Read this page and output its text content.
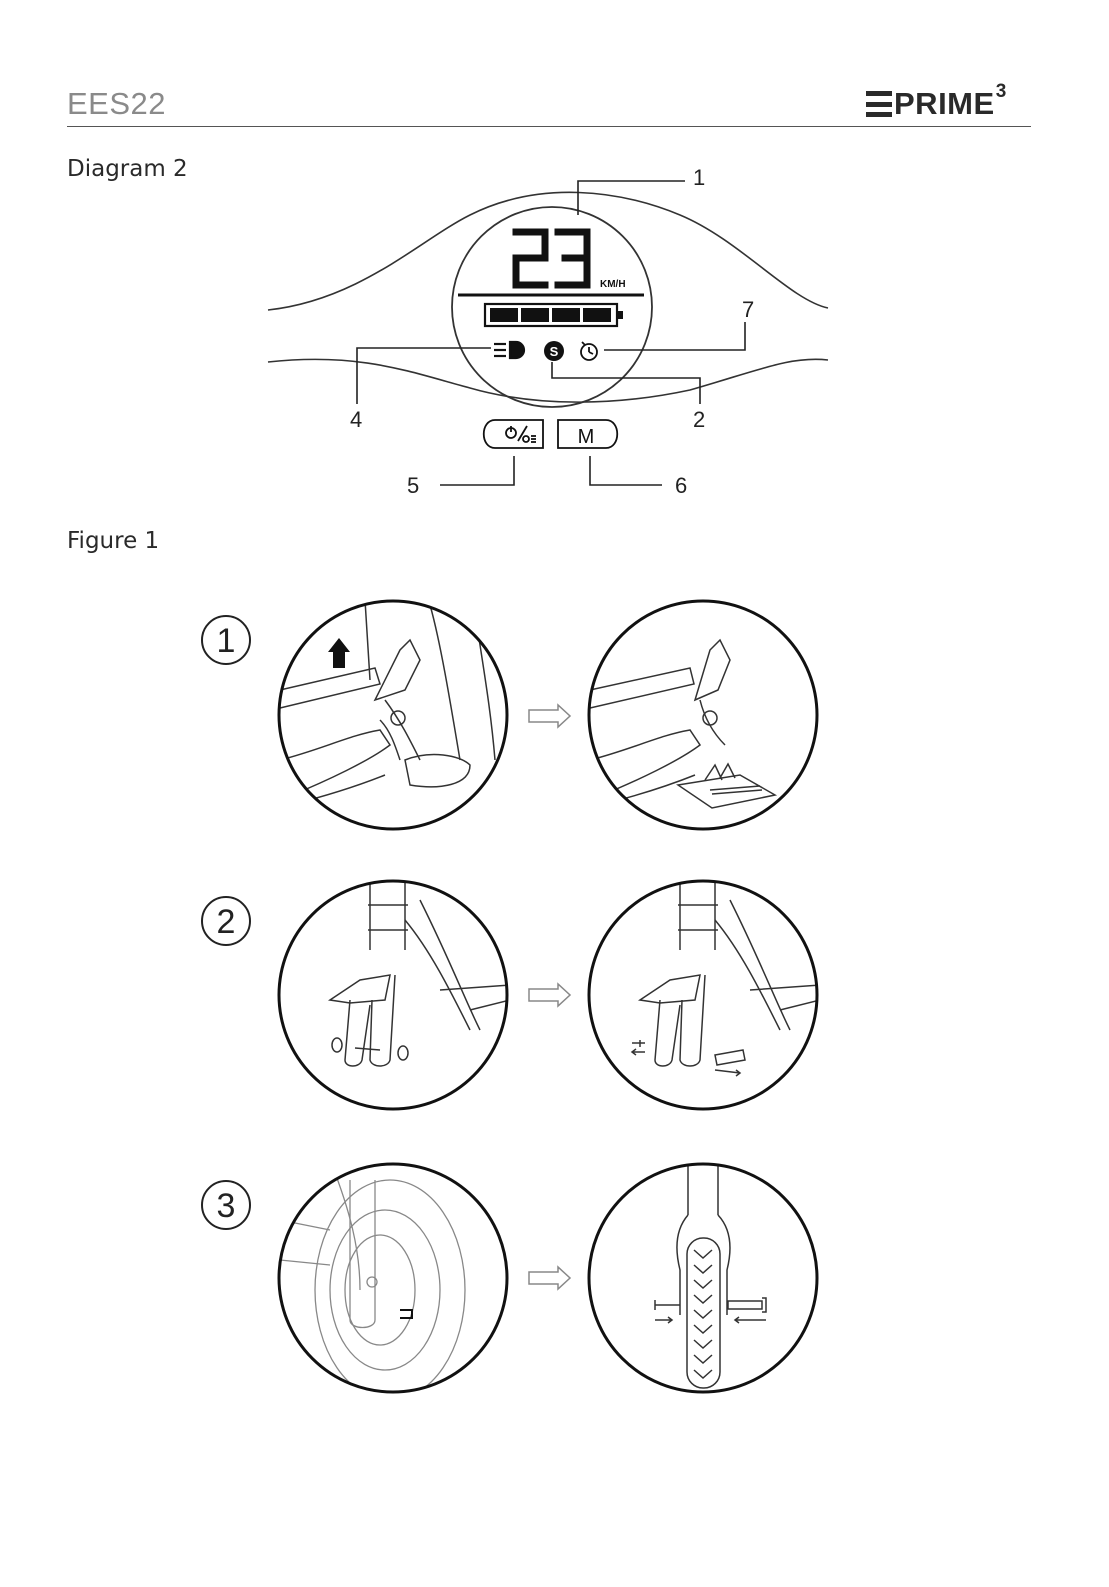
EES22	PRIME 3
Diagram 2
Figure 1
KM/H
S
M
1
2
4
5	6
7
1
2
3
